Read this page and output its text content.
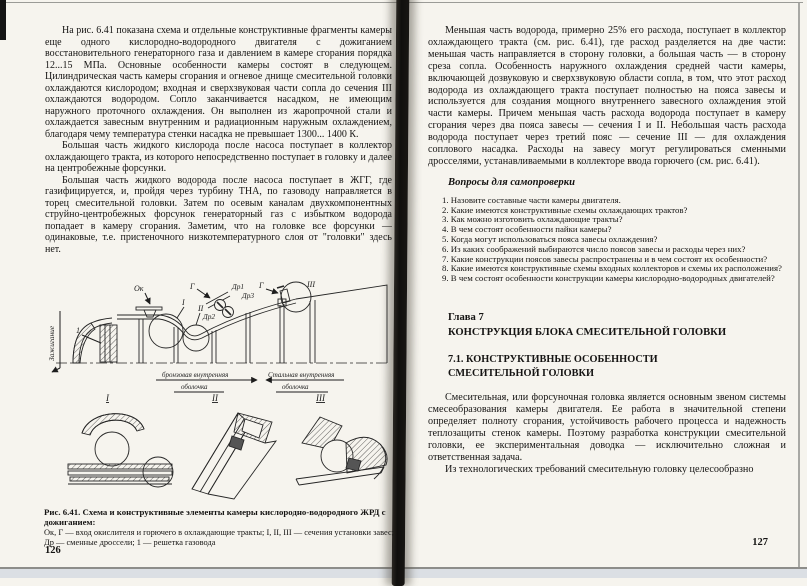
На рис. 6.41 показана схема и отдельные конструктивные фрагменты камеры еще одного кислородно-водородного двигателя с дожиганием восстановительного генераторного газа и давлением в камере сгорания порядка 12...15 МПа. Основные особенности камеры состоят в следующем. Цилиндрическая часть камеры сгорания и огневое днище смесительной головки охлаждаются кислородом; входная и сверхзвуковая части сопла до сечения III охлаждаются водородом. Сопло заканчивается насадком, не имеющим наружного проточного охлаждения. Он выполнен из жаропрочной стали и охлаждается завесным внутренним и радиационным наружным охлаждением, благодаря чему температура стенки насадка не превышает 1300... 1400 К.

Большая часть жидкого кислорода после насоса поступает в коллектор охлаждающего тракта, из которого непосредственно поступает в головку и далее на центробежные форсунки.

Большая часть жидкого водорода после насоса поступает в ЖГГ, где газифицируется, и, пройдя через турбину ТНА, по газоводу направляется в торец смесительной головки. Затем по осевым каналам двухкомпонентных струйно-центробежных форсунок генераторный газ с избытком водорода попадает в камеру сгорания. Заметим, что на головке все форсунки — одинаковые, т.е. пристеночного низкотемпературного слоя от "головки" здесь нет.

Зажигание	1
Ок	Г	Г
Др1
Др3
Др2
I
II
III
бронзовая внутренняя
оболочка
Стальная внутренняя
оболочка
I	II	III

Рис. 6.41. Схема и конструктивные элементы камеры кислородно-водородного ЖРД с дожиганием:

Ок, Г — вход окислителя и горючего в охлаждающие тракты; I, II, III — сечения установки завес; Др — сменные дроссели; 1 — решетка газовода

126

Меньшая часть водорода, примерно 25% его расхода, поступает в коллектор охлаждающего тракта (см. рис. 6.41), где расход разделяется на две части: меньшая часть направляется в сторону головки, а большая часть — в сторону среза сопла. Особенность наружного охлаждения средней части камеры, включающей дозвуковую и сверхзвуковую области сопла, в том, что этот расход водорода из охлаждающего тракта поступает полностью на пояса завесы и используется для создания мощного внутреннего завесного охлаждения этой части камеры. Причем меньшая часть расхода водорода поступает в камеру сгорания через два пояса завесы — сечения I и II. Небольшая часть расхода водорода поступает через третий пояс — сечение III — для охлаждения соплового насадка. Расходы на завесу могут регулироваться сменными дросселями, устанавливаемыми в коллекторе ввода горючего (см. рис. 6.41).

Вопросы для самопроверки

1. Назовите составные части камеры двигателя.

2. Какие имеются конструктивные схемы охлаждающих трактов?

3. Как можно изготовить охлаждающие тракты?

4. В чем состоят особенности пайки камеры?

5. Когда могут использоваться пояса завесы охлаждения?

6. Из каких соображений выбираются число поясов завесы и расходы через них?

7. Какие конструкции поясов завесы распространены и в чем состоят их особенности?

8. Какие имеются конструктивные схемы входных коллекторов и схемы их расположения?

9. В чем состоят особенности конструкции камеры кислородно-водородных двигателей?

Глава 7
КОНСТРУКЦИЯ БЛОКА СМЕСИТЕЛЬНОЙ ГОЛОВКИ
7.1. КОНСТРУКТИВНЫЕ ОСОБЕННОСТИ
СМЕСИТЕЛЬНОЙ ГОЛОВКИ

Смесительная, или форсуночная головка является основным звеном системы смесеобразования камеры двигателя. Ее работа в значительной степени определяет полноту сгорания, устойчивость рабочего процесса и надежность теплозащиты стенок камеры. Поэтому разработка конструкции смесительной головки, ее экспериментальная доводка — исключительно сложная и ответственная задача.

Из технологических требований смесительную головку целесообразно

127
